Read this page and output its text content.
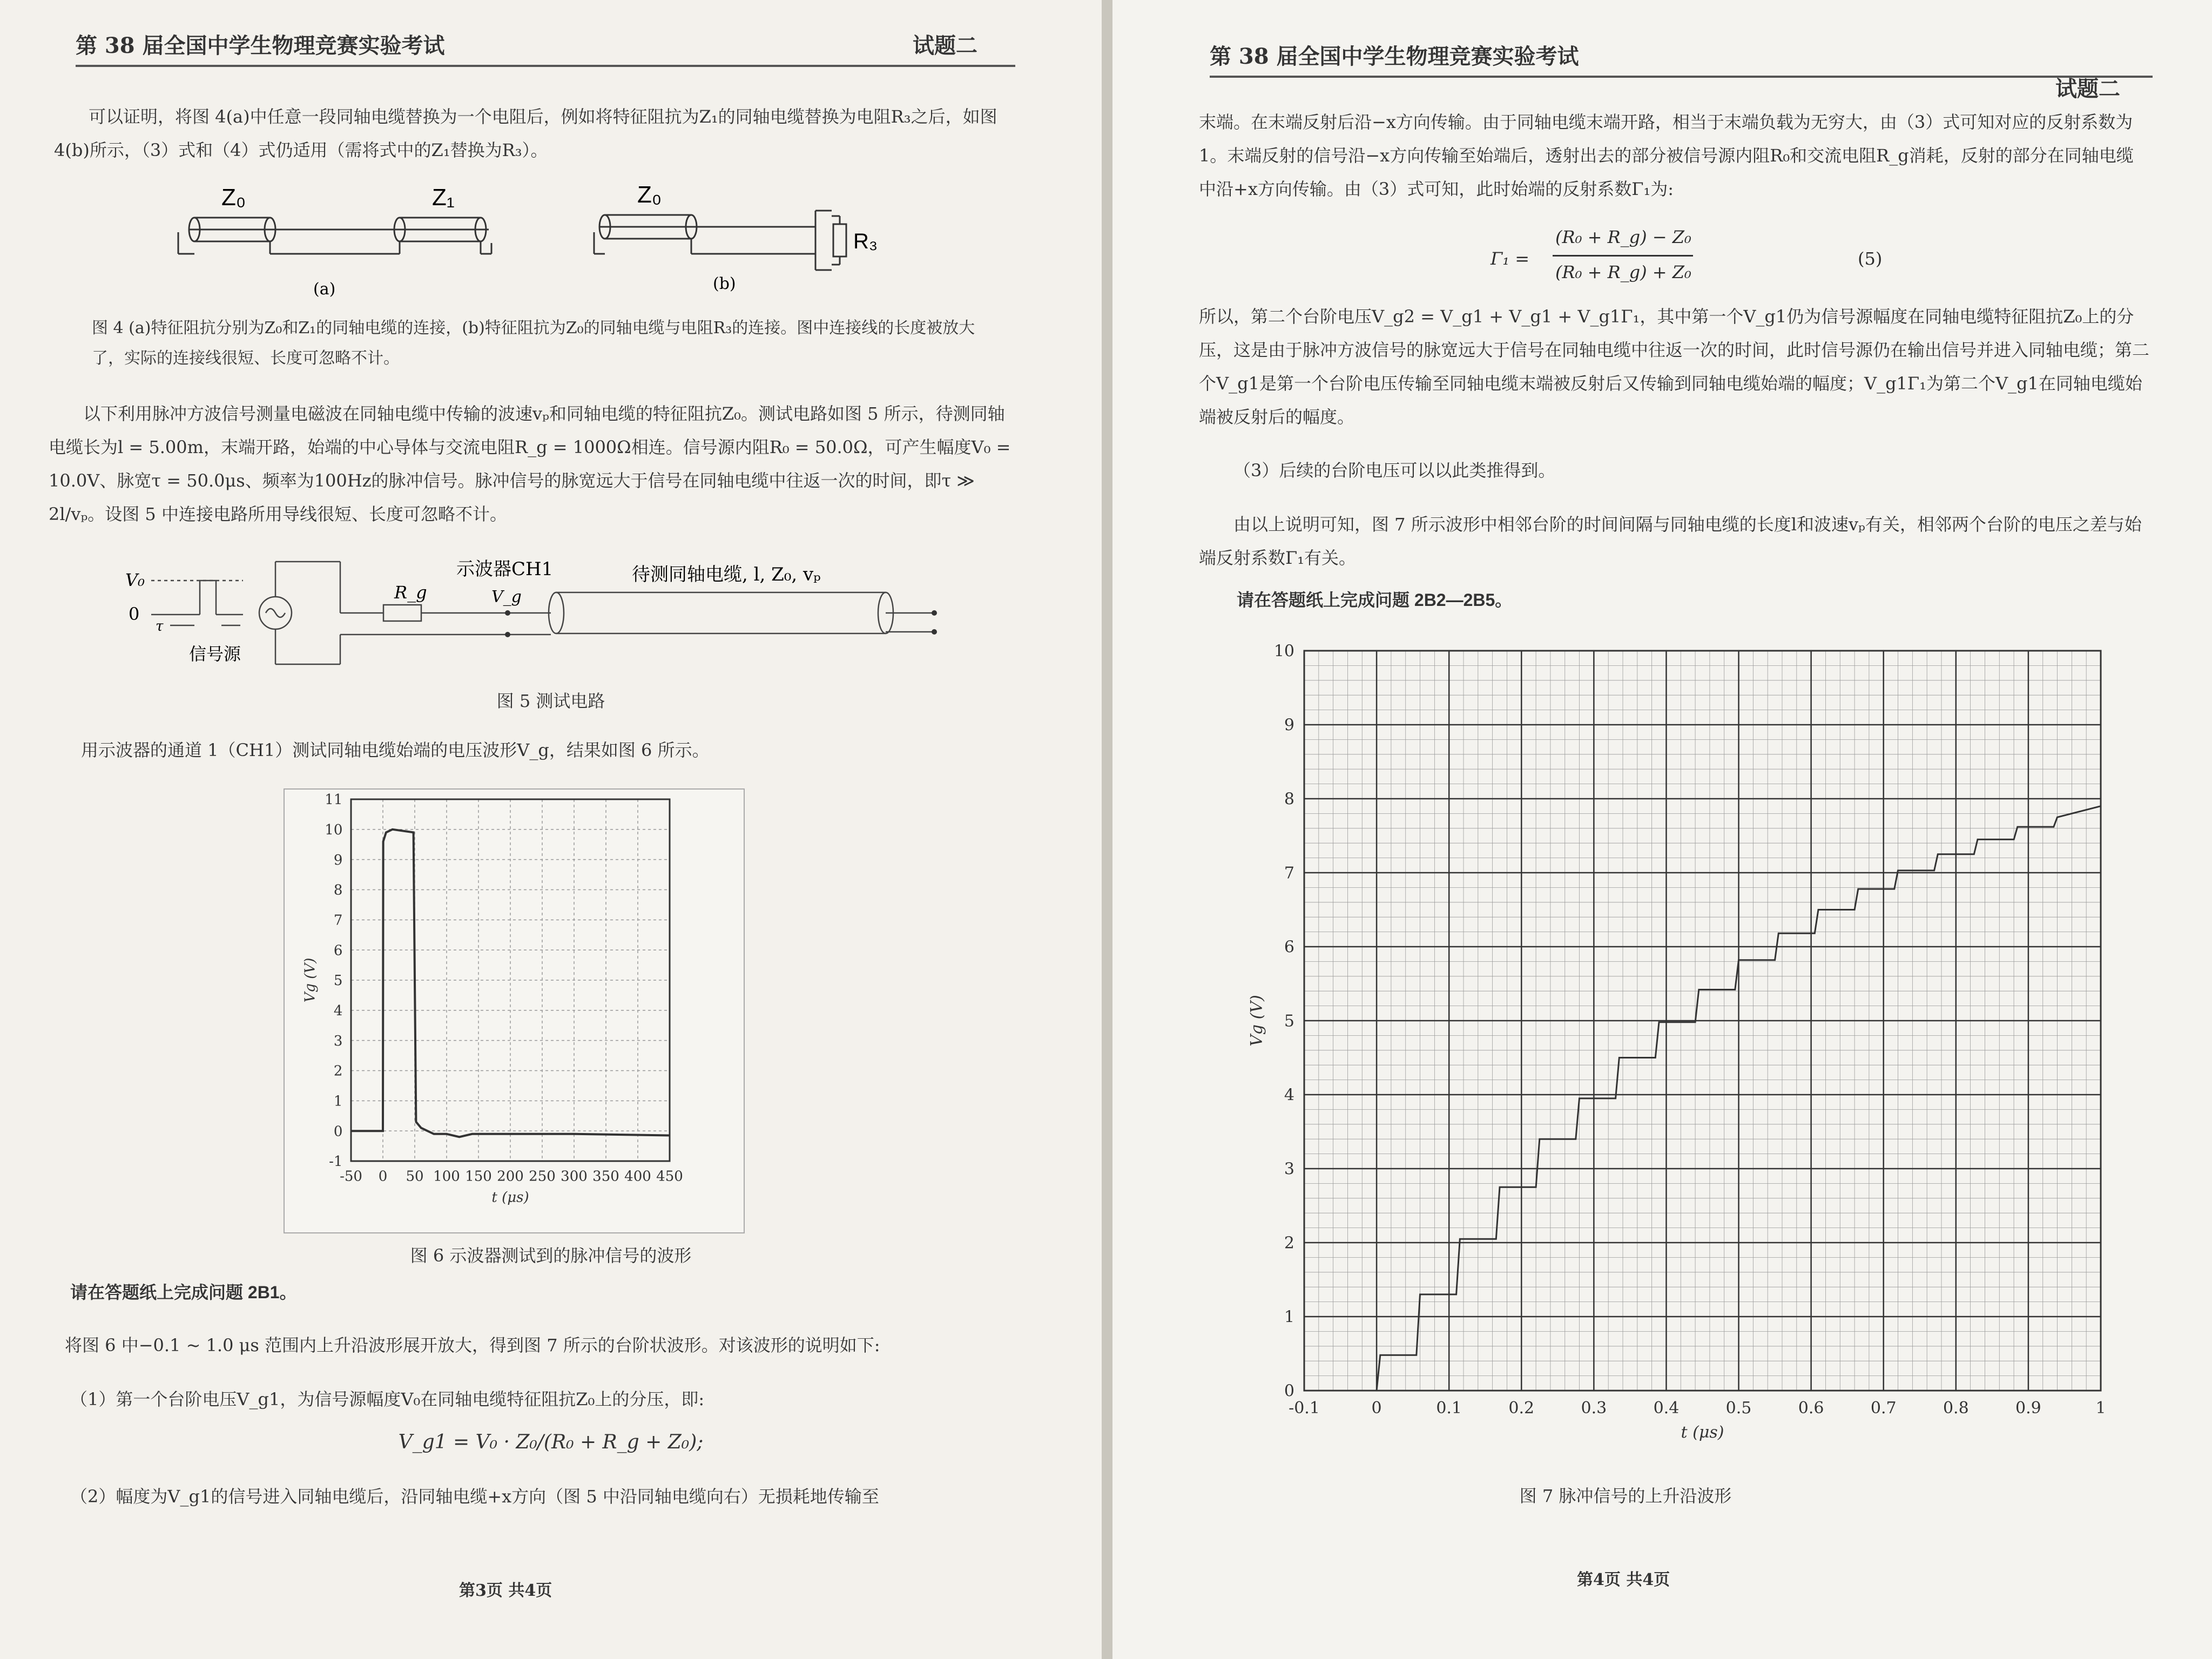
第 38 届全国中学生物理竞赛实验考试	试题二
可以证明，将图 4(a)中任意一段同轴电缆替换为一个电阻后，例如将特征阻抗为Z₁的同轴电缆替换为电阻R₃之后，如图 4(b)所示，（3）式和（4）式仍适用（需将式中的Z₁替换为R₃）。
Z₀	Z₁	Z₀
R₃
(a)	(b)
图 4 (a)特征阻抗分别为Z₀和Z₁的同轴电缆的连接，(b)特征阻抗为Z₀的同轴电缆与电阻R₃的连接。图中连接线的长度被放大了，实际的连接线很短、长度可忽略不计。
以下利用脉冲方波信号测量电磁波在同轴电缆中传输的波速vₚ和同轴电缆的特征阻抗Z₀。测试电路如图 5 所示，待测同轴电缆长为l = 5.00m，末端开路，始端的中心导体与交流电阻R_g = 1000Ω相连。信号源内阻R₀ = 50.0Ω，可产生幅度V₀ = 10.0V、脉宽τ = 50.0μs、频率为100Hz的脉冲信号。脉冲信号的脉宽远大于信号在同轴电缆中往返一次的时间，即τ ≫ 2l/vₚ。设图 5 中连接电路所用导线很短、长度可忽略不计。
V₀
0
τ
信号源
R_g
示波器CH1
V_g
待测同轴电缆, l, Z₀, vₚ
图 5 测试电路
用示波器的通道 1（CH1）测试同轴电缆始端的电压波形V_g，结果如图 6 所示。
-50 0 50 100 150 200 250 300 350 400 450
-1
0
1
2
3
4
5
6
7
8
9
10
11
t (μs)
Vg (V)
图 6 示波器测试到的脉冲信号的波形
请在答题纸上完成问题 2B1。
将图 6 中−0.1 ~ 1.0 μs 范围内上升沿波形展开放大，得到图 7 所示的台阶状波形。对该波形的说明如下:
（1）第一个台阶电压V_g1，为信号源幅度V₀在同轴电缆特征阻抗Z₀上的分压，即:
V_g1 = V₀ · Z₀/(R₀ + R_g + Z₀);
（2）幅度为V_g1的信号进入同轴电缆后，沿同轴电缆+x方向（图 5 中沿同轴电缆向右）无损耗地传输至
第3页 共4页
第 38 届全国中学生物理竞赛实验考试
试题二
末端。在末端反射后沿−x方向传输。由于同轴电缆末端开路，相当于末端负载为无穷大，由（3）式可知对应的反射系数为 1。末端反射的信号沿−x方向传输至始端后，透射出去的部分被信号源内阻R₀和交流电阻R_g消耗，反射的部分在同轴电缆中沿+x方向传输。由（3）式可知，此时始端的反射系数Γ₁为:
Γ₁ =
(R₀ + R_g) − Z₀
(R₀ + R_g) + Z₀
(5)
所以，第二个台阶电压V_g2 = V_g1 + V_g1 + V_g1Γ₁，其中第一个V_g1仍为信号源幅度在同轴电缆特征阻抗Z₀上的分压，这是由于脉冲方波信号的脉宽远大于信号在同轴电缆中往返一次的时间，此时信号源仍在输出信号并进入同轴电缆；第二个V_g1是第一个台阶电压传输至同轴电缆末端被反射后又传输到同轴电缆始端的幅度；V_g1Γ₁为第二个V_g1在同轴电缆始端被反射后的幅度。
（3）后续的台阶电压可以以此类推得到。
由以上说明可知，图 7 所示波形中相邻台阶的时间间隔与同轴电缆的长度l和波速vₚ有关，相邻两个台阶的电压之差与始端反射系数Γ₁有关。
请在答题纸上完成问题 2B2—2B5。
-0.1	0	0.1	0.2	0.3	0.4	0.5	0.6	0.7	0.8	0.9	1
0
1
2
3
4
5
6
7
8
9
10
t (μs)
Vg (V)
图 7 脉冲信号的上升沿波形
第4页 共4页
